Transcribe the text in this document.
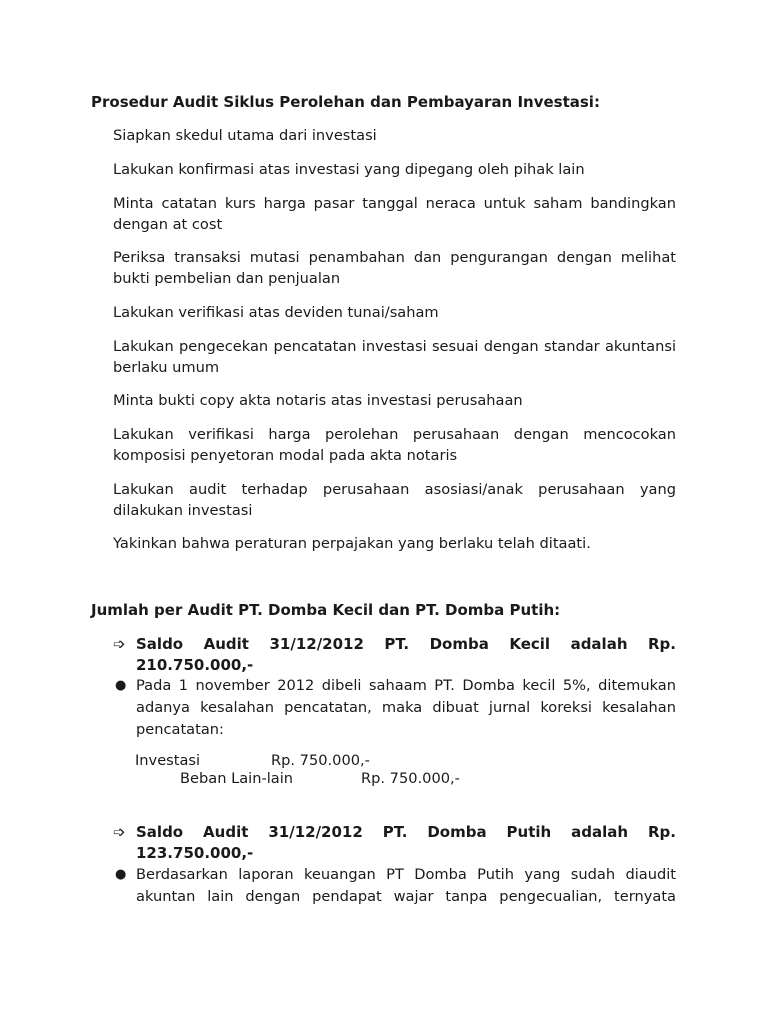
Prosedur Audit Siklus Perolehan dan Pembayaran Investasi:
Siapkan skedul utama dari investasi
Lakukan konfirmasi atas investasi yang dipegang oleh pihak lain
Minta catatan kurs harga pasar tanggal neraca untuk saham bandingkan dengan at cost
Periksa transaksi mutasi penambahan dan pengurangan dengan melihat bukti pembelian dan penjualan
Lakukan verifikasi atas deviden tunai/saham
Lakukan pengecekan pencatatan investasi sesuai dengan standar akuntansi berlaku umum
Minta bukti copy akta notaris atas investasi perusahaan
Lakukan verifikasi harga perolehan perusahaan dengan mencocokan komposisi penyetoran modal pada akta notaris
Lakukan audit terhadap perusahaan asosiasi/anak perusahaan yang dilakukan investasi
Yakinkan bahwa peraturan perpajakan yang berlaku telah ditaati.
Jumlah per Audit PT. Domba Kecil dan PT. Domba Putih:
➩ Saldo Audit 31/12/2012 PT. Domba Kecil adalah Rp.
210.750.000,-
● Pada 1 november 2012 dibeli sahaam PT. Domba kecil 5%, ditemukan adanya kesalahan pencatatan, maka dibuat jurnal koreksi kesalahan pencatatan:
Investasi	Rp. 750.000,-
Beban Lain-lain	Rp. 750.000,-
➩ Saldo Audit 31/12/2012 PT. Domba Putih adalah Rp.
123.750.000,-
● Berdasarkan laporan keuangan PT Domba Putih yang sudah diaudit akuntan lain dengan pendapat wajar tanpa pengecualian, ternyata
